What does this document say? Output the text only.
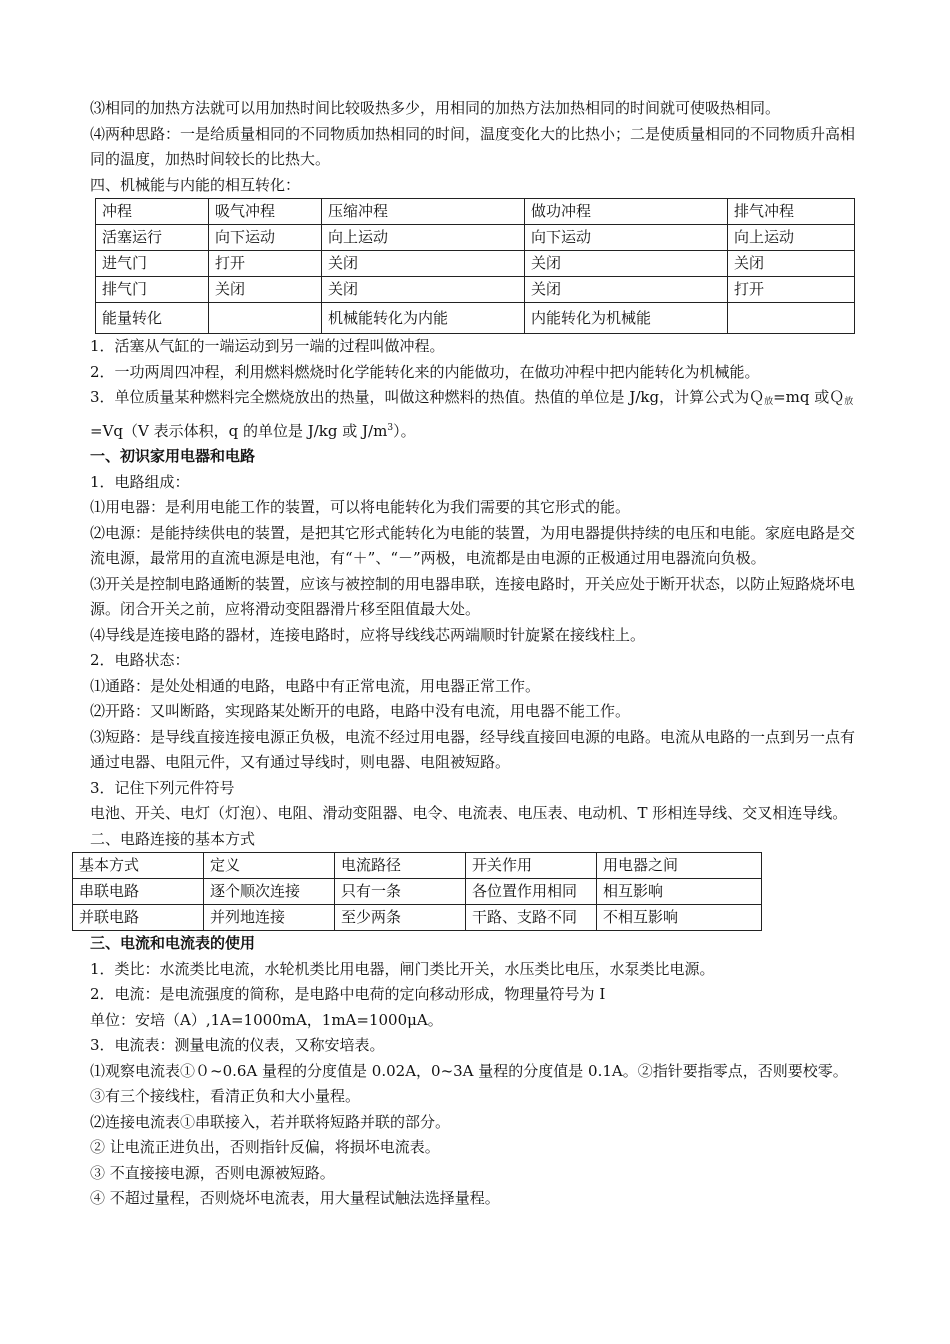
⑶相同的加热方法就可以用加热时间比较吸热多少，用相同的加热方法加热相同的时间就可使吸热相同。

⑷两种思路：一是给质量相同的不同物质加热相同的时间，温度变化大的比热小；二是使质量相同的不同物质升高相同的温度，加热时间较长的比热大。

四、机械能与内能的相互转化：

冲程	吸气冲程	压缩冲程	做功冲程	排气冲程
活塞运行	向下运动	向上运动	向下运动	向上运动
进气门	打开	关闭	关闭	关闭
排气门	关闭	关闭	关闭	打开
能量转化		机械能转化为内能	内能转化为机械能	

1．活塞从气缸的一端运动到另一端的过程叫做冲程。

2．一功两周四冲程，利用燃料燃烧时化学能转化来的内能做功，在做功冲程中把内能转化为机械能。

3．单位质量某种燃料完全燃烧放出的热量，叫做这种燃料的热值。热值的单位是 J/kg，计算公式为Ｑ$_放$=mq 或Ｑ$_放$=Vq（V 表示体积，q 的单位是 J/kg 或 $J/m^3$）。

一、初识家用电器和电路

1．电路组成：

⑴用电器：是利用电能工作的装置，可以将电能转化为我们需要的其它形式的能。

⑵电源：是能持续供电的装置，是把其它形式能转化为电能的装置，为用电器提供持续的电压和电能。家庭电路是交流电源，最常用的直流电源是电池，有“＋”、“－”两极，电流都是由电源的正极通过用电器流向负极。

⑶开关是控制电路通断的装置，应该与被控制的用电器串联，连接电路时，开关应处于断开状态，以防止短路烧坏电源。闭合开关之前，应将滑动变阻器滑片移至阻值最大处。

⑷导线是连接电路的器材，连接电路时，应将导线线芯两端顺时针旋紧在接线柱上。

2．电路状态：

⑴通路：是处处相通的电路，电路中有正常电流，用电器正常工作。

⑵开路：又叫断路，实现路某处断开的电路，电路中没有电流，用电器不能工作。

⑶短路：是导线直接连接电源正负极，电流不经过用电器，经导线直接回电源的电路。电流从电路的一点到另一点有通过电器、电阻元件，又有通过导线时，则电器、电阻被短路。

3．记住下列元件符号

电池、开关、电灯（灯泡）、电阻、滑动变阻器、电令、电流表、电压表、电动机、T 形相连导线、交叉相连导线。

二、电路连接的基本方式

基本方式	定义	电流路径	开关作用	用电器之间
串联电路	逐个顺次连接	只有一条	各位置作用相同	相互影响
并联电路	并列地连接	至少两条	干路、支路不同	不相互影响

三、电流和电流表的使用

1．类比：水流类比电流，水轮机类比用电器，闸门类比开关，水压类比电压，水泵类比电源。

2．电流：是电流强度的简称，是电路中电荷的定向移动形成，物理量符号为 I

单位：安培（A）,1A=1000mA，1mA=1000μA。

3．电流表：测量电流的仪表，又称安培表。

⑴观察电流表①０~0.6A 量程的分度值是 0.02A，0~3A 量程的分度值是 0.1A。②指针要指零点，否则要校零。③有三个接线柱，看清正负和大小量程。

⑵连接电流表①串联接入，若并联将短路并联的部分。

② 让电流正进负出，否则指针反偏，将损坏电流表。

③ 不直接接电源，否则电源被短路。

④ 不超过量程，否则烧坏电流表，用大量程试触法选择量程。
